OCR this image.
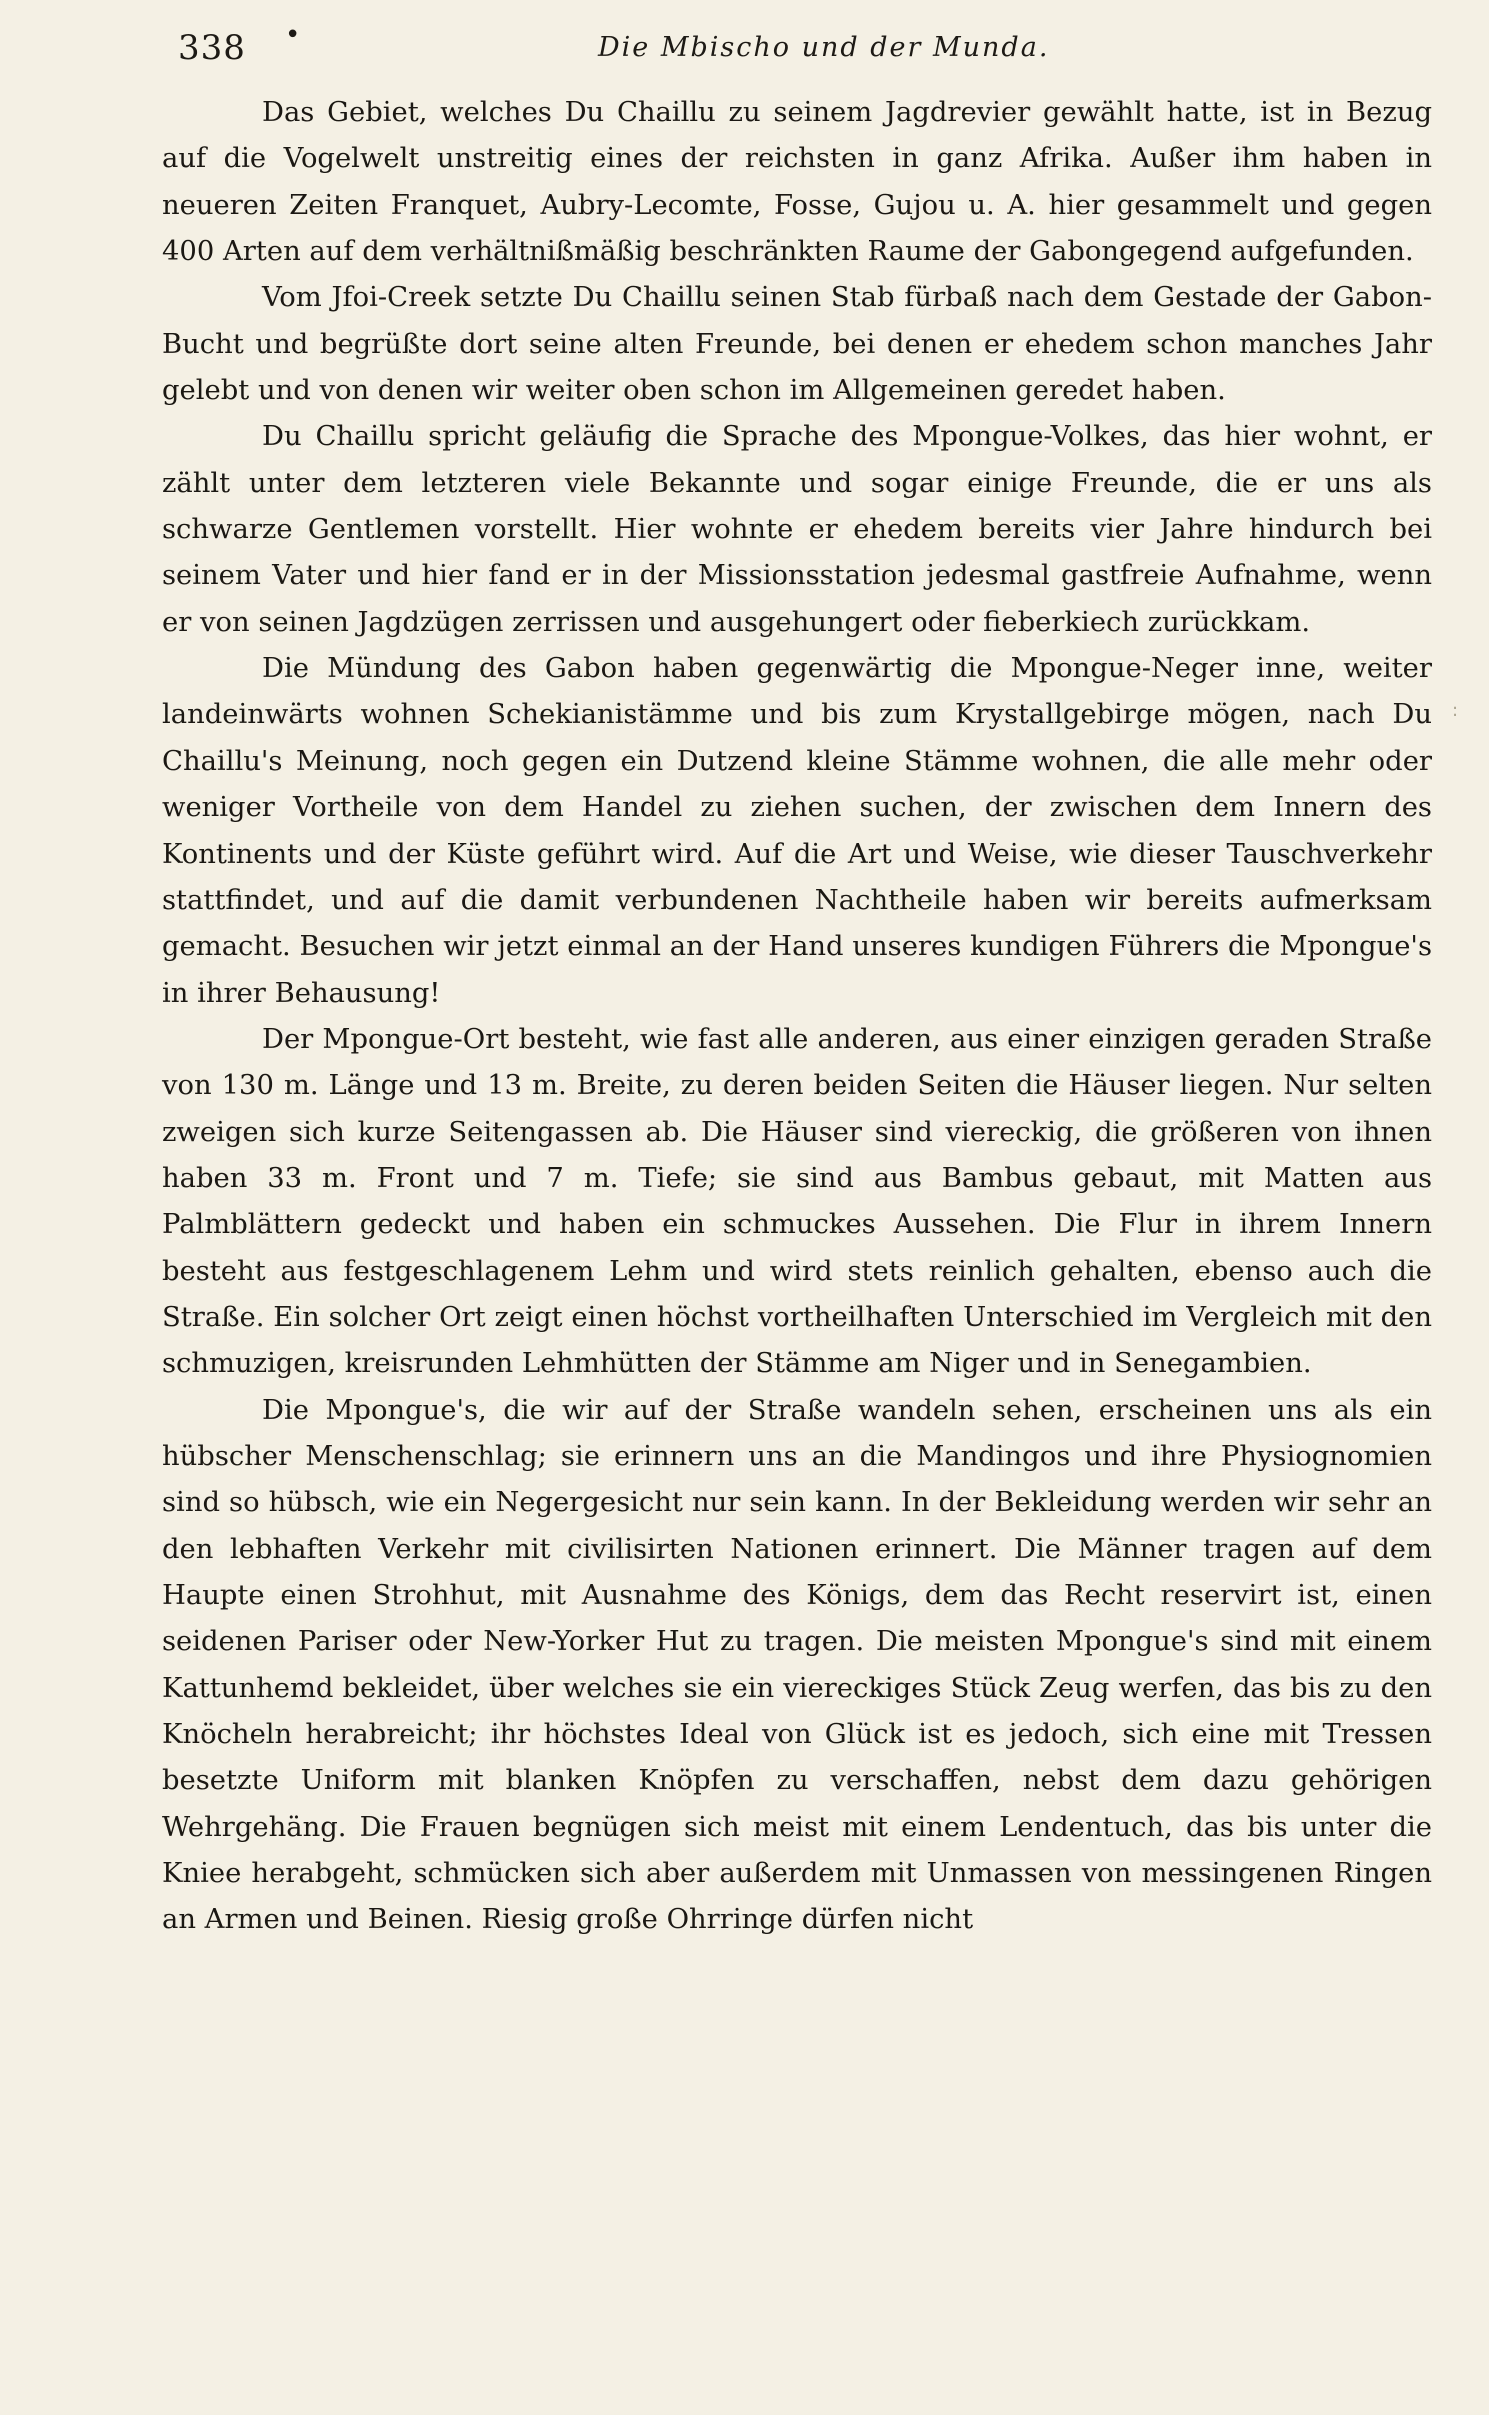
338 •	Die Mbischo und der Munda.

Das Gebiet, welches Du Chaillu zu seinem Jagdrevier gewählt hatte, ist in Bezug auf die Vogelwelt unstreitig eines der reichsten in ganz Afrika. Außer ihm haben in neueren Zeiten Franquet, Aubry-Lecomte, Fosse, Gujou u. A. hier gesammelt und gegen 400 Arten auf dem verhältnißmäßig beschränkten Raume der Gabongegend aufgefunden.

Vom Jfoi-Creek setzte Du Chaillu seinen Stab fürbaß nach dem Gestade der Gabon-Bucht und begrüßte dort seine alten Freunde, bei denen er ehedem schon manches Jahr gelebt und von denen wir weiter oben schon im Allgemeinen geredet haben.

Du Chaillu spricht geläufig die Sprache des Mpongue-Volkes, das hier wohnt, er zählt unter dem letzteren viele Bekannte und sogar einige Freunde, die er uns als schwarze Gentlemen vorstellt. Hier wohnte er ehedem bereits vier Jahre hindurch bei seinem Vater und hier fand er in der Missionsstation jedesmal gastfreie Aufnahme, wenn er von seinen Jagdzügen zerrissen und ausgehungert oder fieberkiech zurückkam.

Die Mündung des Gabon haben gegenwärtig die Mpongue-Neger inne, weiter landeinwärts wohnen Schekianistämme und bis zum Krystallgebirge mögen, nach Du Chaillu's Meinung, noch gegen ein Dutzend kleine Stämme wohnen, die alle mehr oder weniger Vortheile von dem Handel zu ziehen suchen, der zwischen dem Innern des Kontinents und der Küste geführt wird. Auf die Art und Weise, wie dieser Tauschverkehr stattfindet, und auf die damit verbundenen Nachtheile haben wir bereits aufmerksam gemacht. Besuchen wir jetzt einmal an der Hand unseres kundigen Führers die Mpongue's in ihrer Behausung!

Der Mpongue-Ort besteht, wie fast alle anderen, aus einer einzigen geraden Straße von 130 m. Länge und 13 m. Breite, zu deren beiden Seiten die Häuser liegen. Nur selten zweigen sich kurze Seitengassen ab. Die Häuser sind viereckig, die größeren von ihnen haben 33 m. Front und 7 m. Tiefe; sie sind aus Bambus gebaut, mit Matten aus Palmblättern gedeckt und haben ein schmuckes Aussehen. Die Flur in ihrem Innern besteht aus festgeschlagenem Lehm und wird stets reinlich gehalten, ebenso auch die Straße. Ein solcher Ort zeigt einen höchst vortheilhaften Unterschied im Vergleich mit den schmuzigen, kreisrunden Lehmhütten der Stämme am Niger und in Senegambien.

Die Mpongue's, die wir auf der Straße wandeln sehen, erscheinen uns als ein hübscher Menschenschlag; sie erinnern uns an die Mandingos und ihre Physiognomien sind so hübsch, wie ein Negergesicht nur sein kann. In der Bekleidung werden wir sehr an den lebhaften Verkehr mit civilisirten Nationen erinnert. Die Männer tragen auf dem Haupte einen Strohhut, mit Ausnahme des Königs, dem das Recht reservirt ist, einen seidenen Pariser oder New-Yorker Hut zu tragen. Die meisten Mpongue's sind mit einem Kattunhemd bekleidet, über welches sie ein viereckiges Stück Zeug werfen, das bis zu den Knöcheln herabreicht; ihr höchstes Ideal von Glück ist es jedoch, sich eine mit Tressen besetzte Uniform mit blanken Knöpfen zu verschaffen, nebst dem dazu gehörigen Wehrgehäng. Die Frauen begnügen sich meist mit einem Lendentuch, das bis unter die Kniee herabgeht, schmücken sich aber außerdem mit Unmassen von messingenen Ringen an Armen und Beinen. Riesig große Ohrringe dürfen nicht

:
